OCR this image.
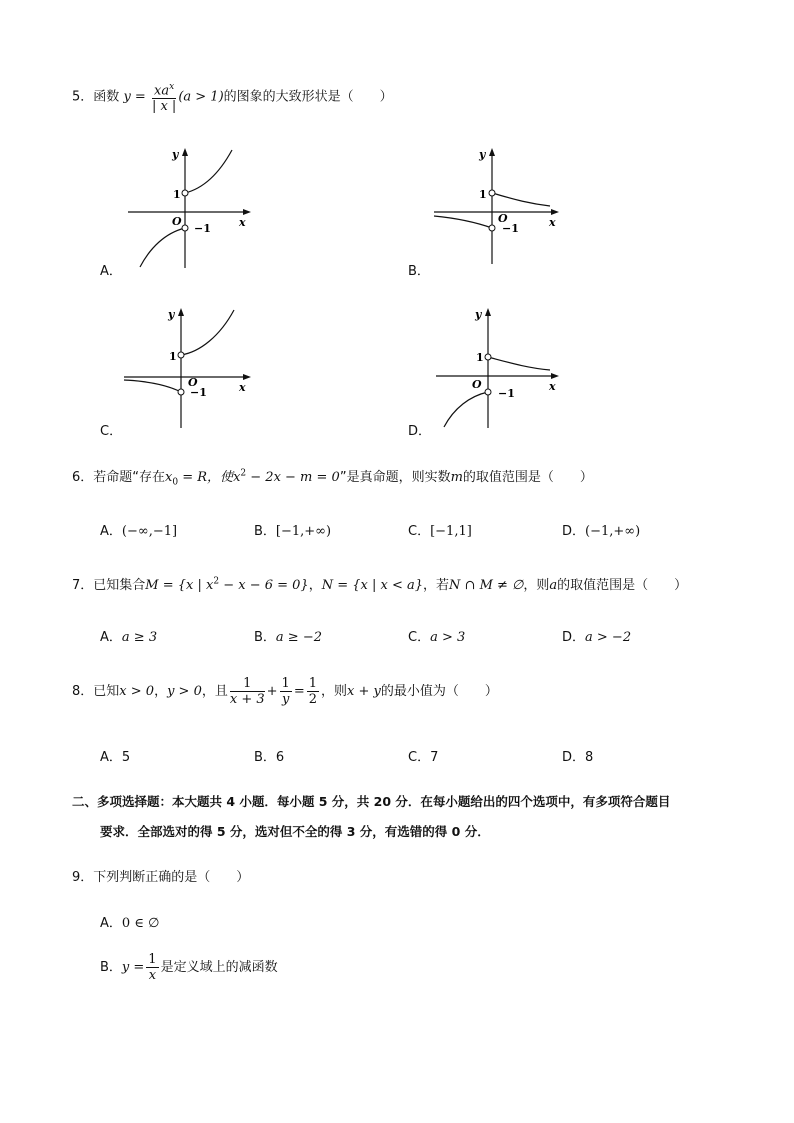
5．函数 $y = \frac{xa^x}{| x |} (a > 1)$的图象的大致形状是（　　）
y
x
O
1
−1
A．
y
x
O
1
−1
B．
y
x
O
1
−1
C．
y
x
O
1
−1
D．
6．若命题“存在$x_0 = R$，使$x^2 - 2x - m = 0$”是真命题，则实数m的取值范围是（　　）
A．(−∞,−1]	B．[−1,+∞)	C．[−1,1]	D．(−1,+∞)
7．已知集合M = {x | $x^2 - x - 6 = 0$}，N = {x | x < a}，若N ∩ M ≠ ∅，则a的取值范围是（　　）
A．a ≥ 3	B．a ≥ −2	C．a > 3	D．a > −2
8．已知x > 0，y > 0，且 $\frac{1}{x + 3} + \frac{1}{y} = \frac{1}{2}$ ，则x + y的最小值为（　　）
A．5	B．6	C．7	D．8
二、多项选择题：本大题共 4 小题．每小题 5 分，共 20 分．在每小题给出的四个选项中，有多项符合题目
要求．全部选对的得 5 分，选对但不全的得 3 分，有选错的得 0 分．
9．下列判断正确的是（　　）
A．0 ∈ ∅
B．$y = \frac{1}{x}$ 是定义域上的减函数
